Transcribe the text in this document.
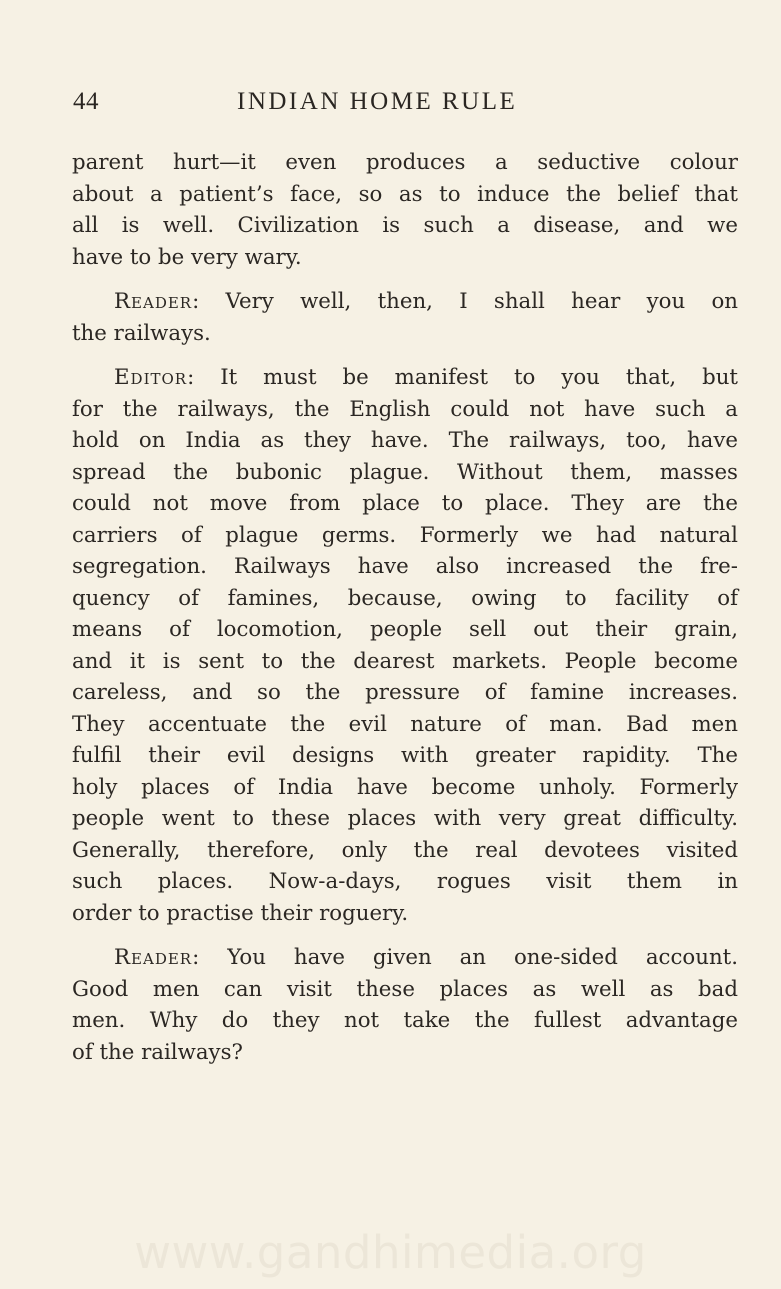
44	INDIAN HOME RULE
parent hurt—it even produces a seductive colour
about a patient’s face, so as to induce the belief that
all is well. Civilization is such a disease, and we
have to be very wary.
Reader: Very well, then, I shall hear you on
the railways.
Editor: It must be manifest to you that, but
for the railways, the English could not have such a
hold on India as they have. The railways, too, have
spread the bubonic plague. Without them, masses
could not move from place to place. They are the
carriers of plague germs. Formerly we had natural
segregation. Railways have also increased the fre-
quency of famines, because, owing to facility of
means of locomotion, people sell out their grain,
and it is sent to the dearest markets. People become
careless, and so the pressure of famine increases.
They accentuate the evil nature of man. Bad men
fulfil their evil designs with greater rapidity. The
holy places of India have become unholy. Formerly
people went to these places with very great difficulty.
Generally, therefore, only the real devotees visited
such places. Now-a-days, rogues visit them in
order to practise their roguery.
Reader: You have given an one-sided account.
Good men can visit these places as well as bad
men. Why do they not take the fullest advantage
of the railways?
www.gandhimedia.org
